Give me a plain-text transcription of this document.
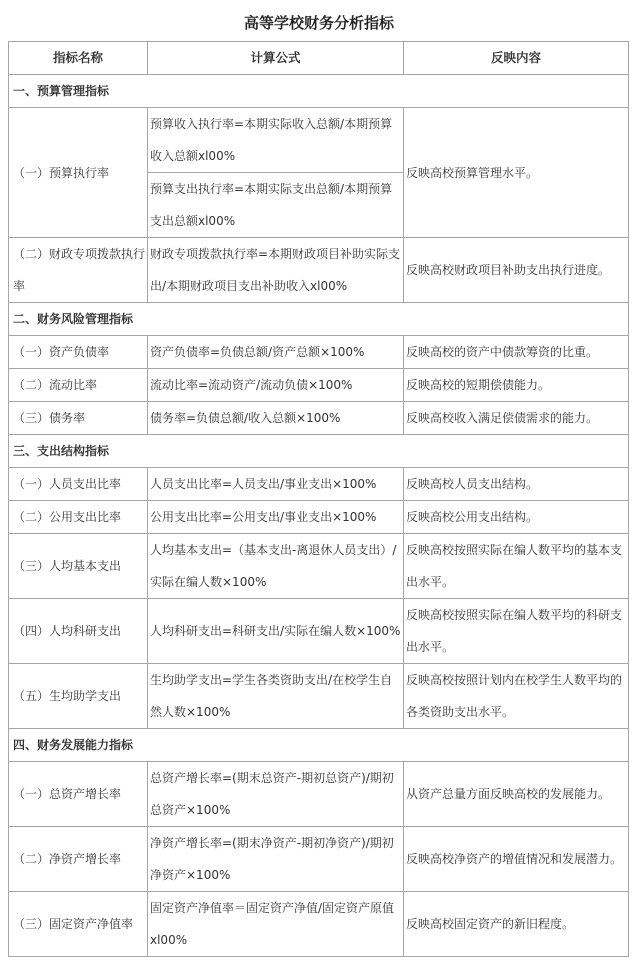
高等学校财务分析指标
指标名称	计算公式	反映内容
一、预算管理指标		
（一）预算执行率	预算收入执行率=本期实际收入总额/本期预算收入总额xl00%	反映高校预算管理水平。
	预算支出执行率=本期实际支出总额/本期预算支出总额xl00%	
（二）财政专项拨款执行率	财政专项拨款执行率=本期财政项目补助实际支出/本期财政项目支出补助收入xl00%	反映高校财政项目补助支出执行进度。
二、财务风险管理指标		
（一）资产负债率	资产负债率=负债总额/资产总额×100%	反映高校的资产中债款筹资的比重。
（二）流动比率	流动比率=流动资产/流动负债×100%	反映高校的短期偿债能力。
（三）债务率	债务率=负债总额/收入总额×100%	反映高校收入满足偿债需求的能力。
三、支出结构指标		
（一）人员支出比率	人员支出比率=人员支出/事业支出×100%	反映高校人员支出结构。
（二）公用支出比率	公用支出比率=公用支出/事业支出×100%	反映高校公用支出结构。
（三）人均基本支出	人均基本支出=（基本支出-离退休人员支出）/实际在编人数×100%	反映高校按照实际在编人数平均的基本支出水平。
（四）人均科研支出	人均科研支出=科研支出/实际在编人数×100%	反映高校按照实际在编人数平均的科研支出水平。
（五）生均助学支出	生均助学支出=学生各类资助支出/在校学生自然人数×100%	反映高校按照计划内在校学生人数平均的各类资助支出水平。
四、财务发展能力指标		
（一）总资产增长率	总资产增长率=(期末总资产-期初总资产)/期初总资产×100%	从资产总量方面反映高校的发展能力。
（二）净资产增长率	净资产增长率=(期末净资产-期初净资产)/期初净资产×100%	反映高校净资产的增值情况和发展潜力。
（三）固定资产净值率	固定资产净值率＝固定资产净值/固定资产原值xl00%	反映高校固定资产的新旧程度。
